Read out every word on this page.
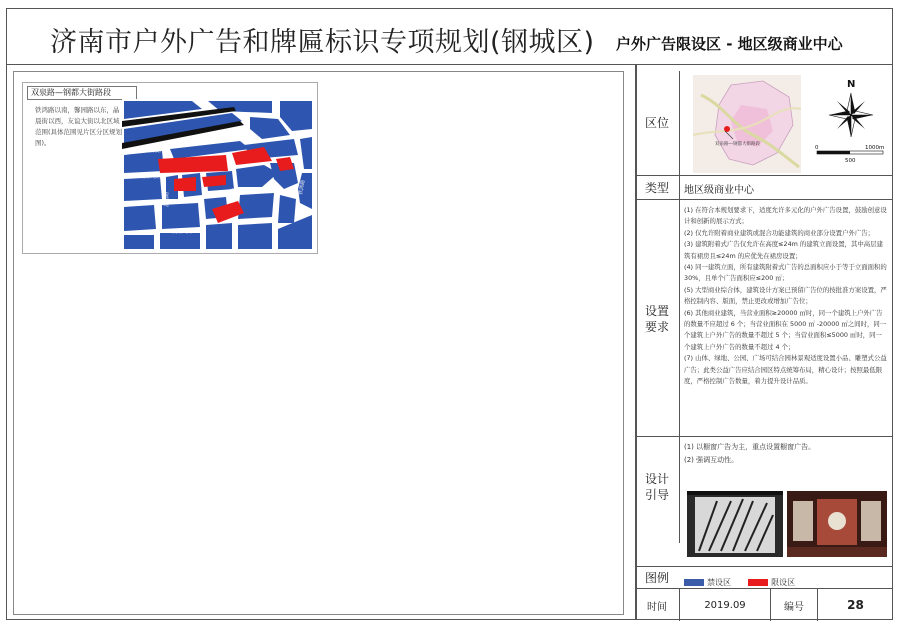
济南市户外广告和牌匾标识专项规划(钢城区) 户外广告限设区 - 地区级商业中心
双泉路—钢都大街路段
铁鸿路以南，馨园路以东，晶晨街以西，友谊大街以北区域范围(具体范围见片区分区规划图)。
双泉路
钢都大街
晶园路	利民路
友谊大街
铁鸿路
区位
双泉路—钢都大街路段
N
0	1000m
500
类型	地区级商业中心
设置要求
(1) 在符合本规划要求下，适度允许多元化的户外广告设置，鼓励创意设计和创新的展示方式；
(2) 仅允许附着商业建筑或混合功能建筑的商业部分设置户外广告；
(3) 建筑附着式广告仅允许在高度≤24m 的建筑立面设置，其中高层建筑有裙房且≤24m 的应优先在裙房设置；
(4) 同一建筑立面，所有建筑附着式广告的总面积应小于等于立面面积的 30%，且单个广告面积应≤200 ㎡；
(5) 大型商业综合体，建筑设计方案已预留广告位的按批准方案设置，严格控制内容、版面，禁止更改或增加广告位；
(6) 其他商业建筑，当营业面积≥20000 ㎡时，同一个建筑上户外广告的数量不应超过 6 个；当营业面积在 5000 ㎡ -20000 ㎡之间时，同一个建筑上户外广告的数量不超过 5 个；当营业面积≤5000 ㎡时，同一个建筑上户外广告的数量不超过 4 个；
(7) 山体、绿地、公园、广场可结合园林景观适度设置小品、雕塑式公益广告；此类公益广告应结合园区特点统筹布局，精心设计；按照最低限度，严格控制广告数量，着力提升设计品质。
设计引导
(1) 以橱窗广告为主，重点设置橱窗广告。
(2) 强调互动性。
图例	禁设区	限设区
时间	2019.09	编号	28
